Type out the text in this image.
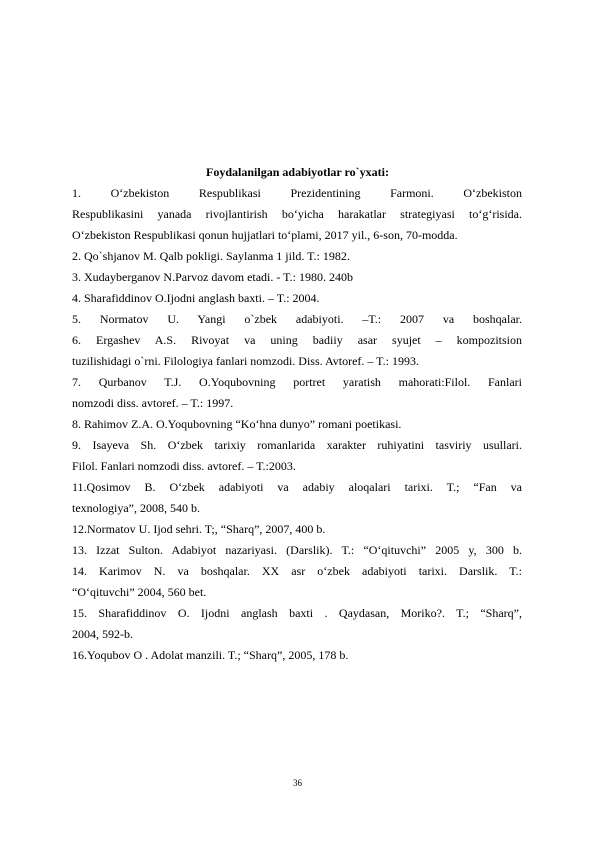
Foydalanilgan adabiyotlar ro`yxati:
1. O‘zbekiston Respublikasi Prezidentining Farmoni. O‘zbekiston
Respublikasini yanada rivojlantirish bo‘yicha harakatlar strategiyasi to‘g‘risida.
O‘zbekiston Respublikasi qonun hujjatlari to‘plami, 2017 yil., 6-son, 70-modda.
2. Qo`shjanov M. Qalb pokligi. Saylanma 1 jild. T.: 1982.
3. Xudayberganov N.Parvoz davom etadi. - T.: 1980. 240b
4. Sharafiddinov O.Ijodni anglash baxti. – T.: 2004.
5. Normatov U. Yangi o`zbek adabiyoti. –T.: 2007 va boshqalar.
6. Ergashev A.S. Rivoyat va uning badiiy asar syujet – kompozitsion
tuzilishidagi o`rni. Filologiya fanlari nomzodi. Diss. Avtoref. – T.: 1993.
7. Qurbanov T.J. O.Yoqubovning portret yaratish mahorati:Filol. Fanlari
nomzodi diss. avtoref. – T.: 1997.
8. Rahimov Z.A. O.Yoqubovning “Ko‘hna dunyo” romani poetikasi.
9. Isayeva Sh. O‘zbek tarixiy romanlarida xarakter ruhiyatini tasviriy usullari.
Filol. Fanlari nomzodi diss. avtoref. – T.:2003.
11.Qosimov B. O‘zbek adabiyoti va adabiy aloqalari tarixi. T.; “Fan va
texnologiya”, 2008, 540 b.
12.Normatov U. Ijod sehri. T;, “Sharq”, 2007, 400 b.
13. Izzat Sulton. Adabiyot nazariyasi. (Darslik). T.: “O‘qituvchi” 2005 y, 300 b.
14. Karimov N. va boshqalar. XX asr o‘zbek adabiyoti tarixi. Darslik. T.:
“O‘qituvchi” 2004, 560 bet.
15. Sharafiddinov O. Ijodni anglash baxti . Qaydasan, Moriko?. T.; “Sharq”,
2004, 592-b.
16.Yoqubov O . Adolat manzili. T.; “Sharq”, 2005, 178 b.
36
